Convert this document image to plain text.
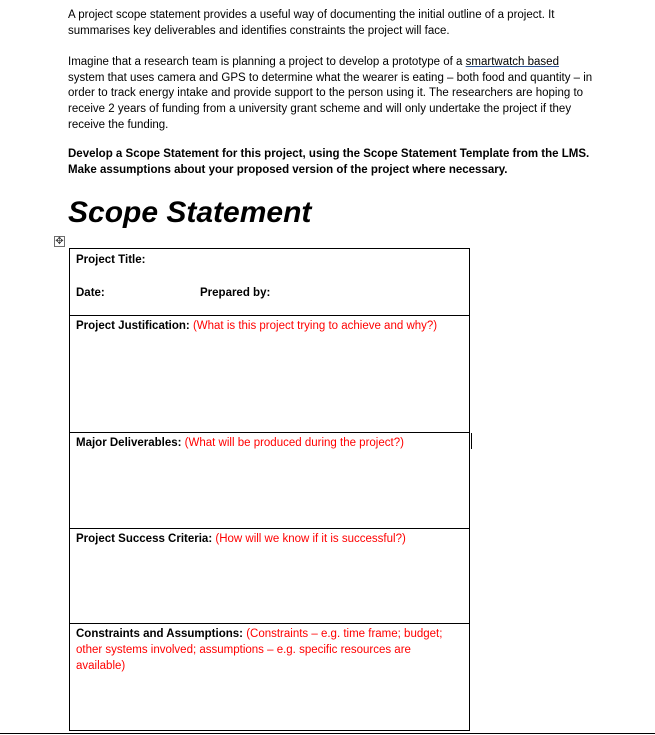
A project scope statement provides a useful way of documenting the initial outline of a project. It summarises key deliverables and identifies constraints the project will face.

Imagine that a research team is planning a project to develop a prototype of a smartwatch based system that uses camera and GPS to determine what the wearer is eating – both food and quantity – in order to track energy intake and provide support to the person using it. The researchers are hoping to receive 2 years of funding from a university grant scheme and will only undertake the project if they receive the funding.

Develop a Scope Statement for this project, using the Scope Statement Template from the LMS. Make assumptions about your proposed version of the project where necessary.

Scope Statement
✥

Project Title:

Date:	Prepared by:

Project Justification: (What is this project trying to achieve and why?)

Major Deliverables: (What will be produced during the project?)

Project Success Criteria: (How will we know if it is successful?)

Constraints and Assumptions: (Constraints – e.g. time frame; budget; other systems involved; assumptions – e.g. specific resources are available)
